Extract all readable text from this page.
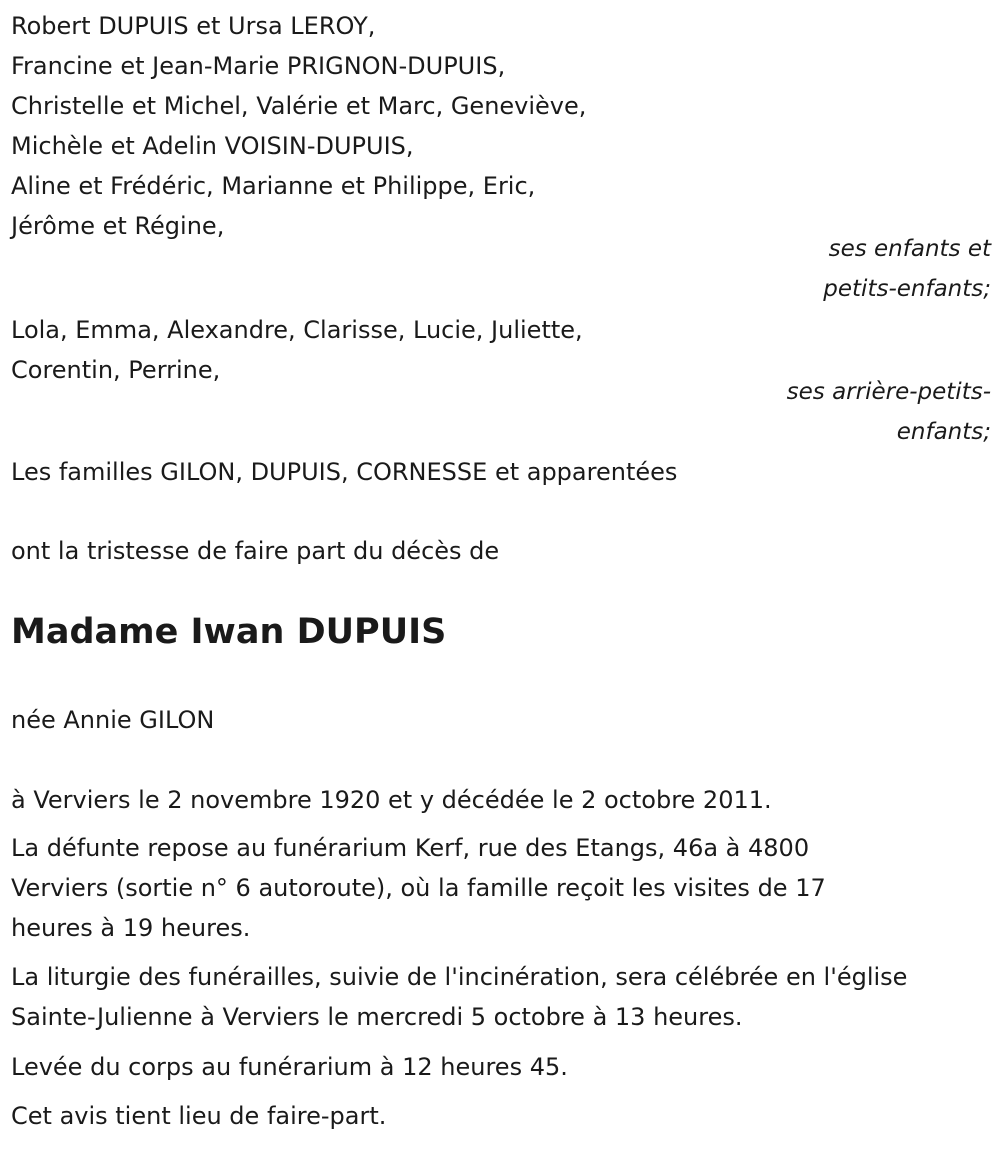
Robert DUPUIS et Ursa LEROY,
Francine et Jean-Marie PRIGNON-DUPUIS,
Christelle et Michel, Valérie et Marc, Geneviève,
Michèle et Adelin VOISIN-DUPUIS,
Aline et Frédéric, Marianne et Philippe, Eric,
Jérôme et Régine,
ses enfants et
petits-enfants;
Lola, Emma, Alexandre, Clarisse, Lucie, Juliette,
Corentin, Perrine,
ses arrière-petits-
enfants;
Les familles GILON, DUPUIS, CORNESSE et apparentées
ont la tristesse de faire part du décès de
Madame Iwan DUPUIS
née Annie GILON
à Verviers le 2 novembre 1920 et y décédée le 2 octobre 2011.
La défunte repose au funérarium Kerf, rue des Etangs, 46a à 4800 Verviers (sortie n° 6 autoroute), où la famille reçoit les visites de 17 heures à 19 heures.
La liturgie des funérailles, suivie de l'incinération, sera célébrée en l'église Sainte-Julienne à Verviers le mercredi 5 octobre à 13 heures.
Levée du corps au funérarium à 12 heures 45.
Cet avis tient lieu de faire-part.
